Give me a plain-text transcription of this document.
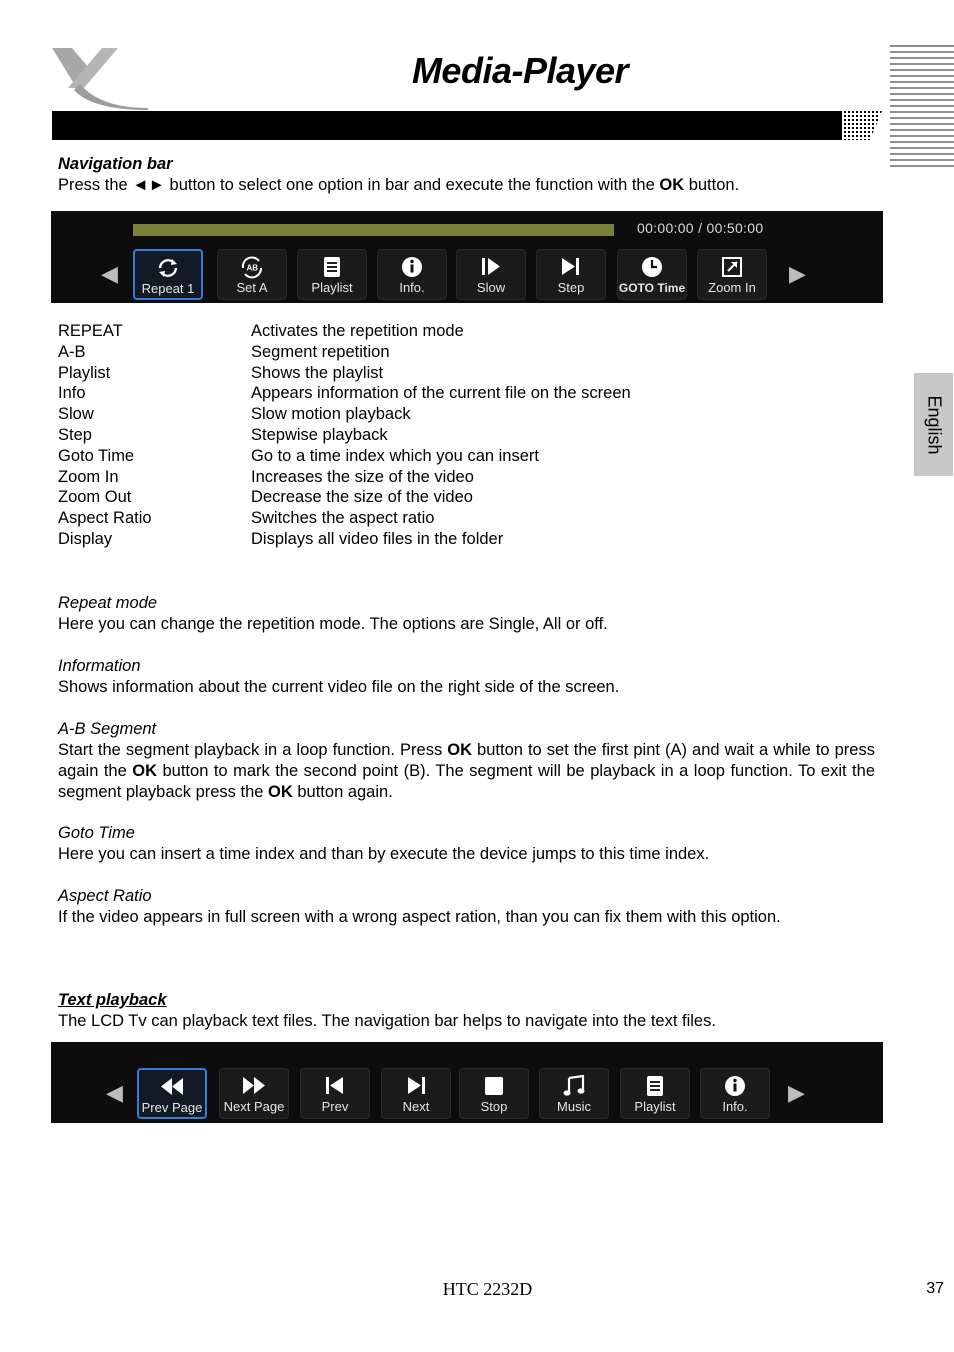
Media-Player
English
Navigation bar
Press the ◄► button to select one option in bar and execute the function with the OK button.
00:00:00 / 00:50:00
◀
Repeat 1
AB
Set A	Playlist	Info.	Slow	Step	GOTO Time	Zoom In
▶
REPEAT	Activates the repetition mode
A-B	Segment repetition
Playlist	Shows the playlist
Info	Appears information of the current file on the screen
Slow	Slow motion playback
Step	Stepwise playback
Goto Time	Go to a time index which you can insert
Zoom In	Increases the size of the video
Zoom Out	Decrease the size of the video
Aspect Ratio	Switches the aspect ratio
Display	Displays all video files in the folder
Repeat mode
Here you can change the repetition mode. The options are Single, All or off.
Information
Shows information about the current video file on the right side of the screen.
A-B Segment
Start the segment playback in a loop function. Press OK button to set the first pint (A) and wait a while to press again the OK button to mark the second point (B). The segment will be playback in a loop function. To exit the segment playback press the OK button again.
Goto Time
Here you can insert a time index and than by execute the device jumps to this time index.
Aspect Ratio
If the video appears in full screen with a wrong aspect ration, than you can fix them with this option.
Text playback
The LCD Tv can playback text files. The navigation bar helps to navigate into the text files.
◀
Prev Page Next Page	Prev	Next	Stop	Music	Playlist	Info.
▶
HTC 2232D	37
